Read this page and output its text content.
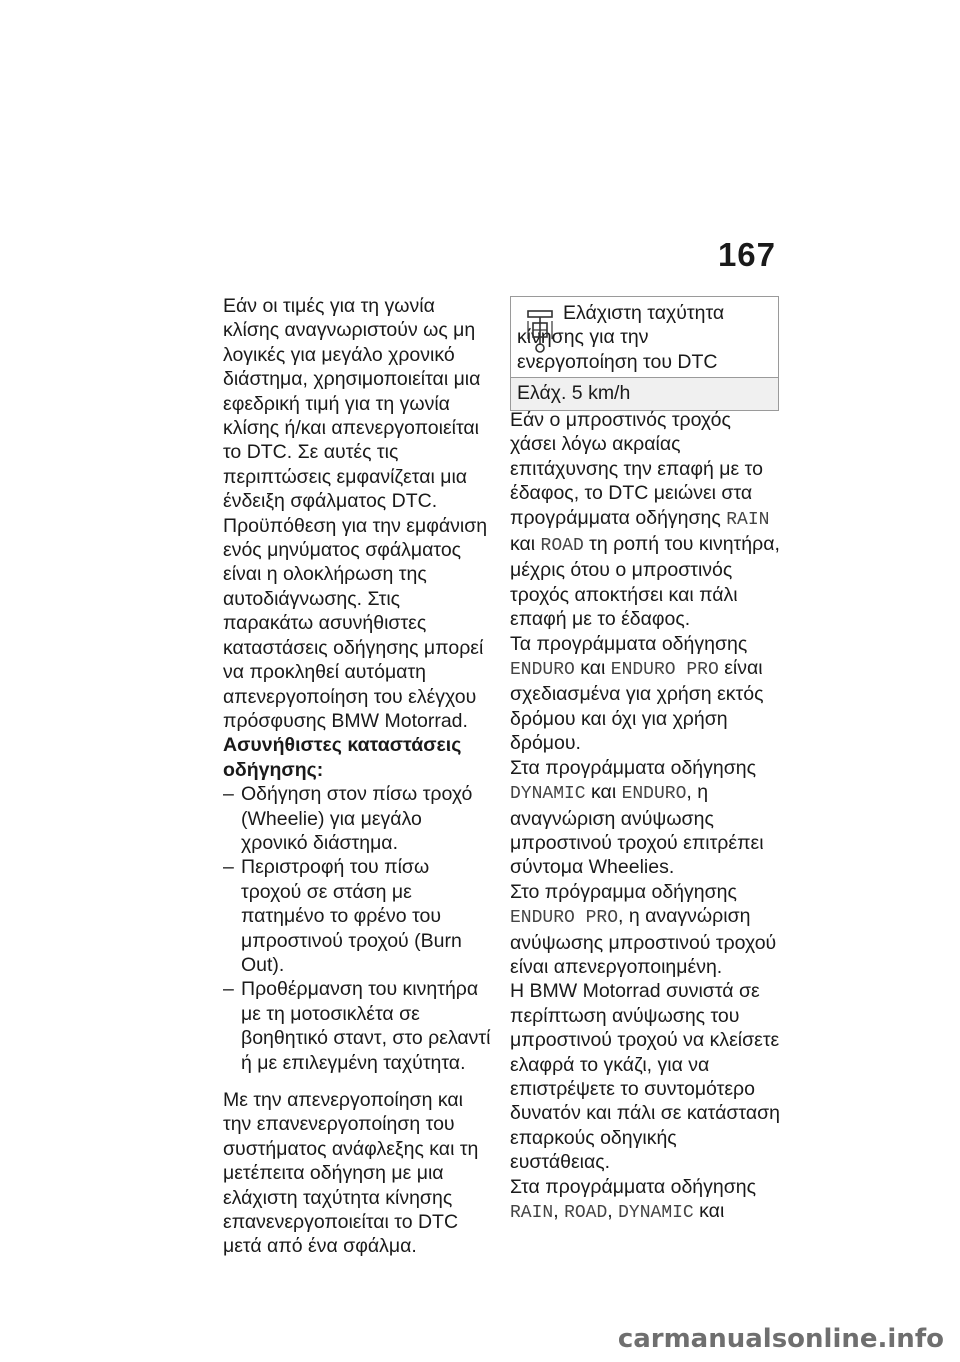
167

Εάν οι τιμές για τη γωνία κλίσης αναγνωριστούν ως μη λογικές για μεγάλο χρονικό διάστημα, χρησιμοποιείται μια εφεδρική τιμή για τη γωνία κλίσης ή/και απενεργοποιείται το DTC. Σε αυτές τις περιπτώσεις εμφανίζεται μια ένδειξη σφάλματος DTC. Προϋπόθεση για την εμφάνιση ενός μηνύματος σφάλματος είναι η ολοκλήρωση της αυτοδιάγνωσης. Στις παρακάτω ασυνήθιστες καταστάσεις οδήγησης μπορεί να προκληθεί αυτόματη απενεργοποίηση του ελέγχου πρόσφυσης BMW Motorrad.

Ασυνήθιστες καταστάσεις οδήγησης:

– Οδήγηση στον πίσω τροχό (Wheelie) για μεγάλο χρονικό διάστημα.
– Περιστροφή του πίσω τροχού σε στάση με πατημένο το φρένο του μπροστινού τροχού (Burn Out).
– Προθέρμανση του κινητήρα με τη μοτοσικλέτα σε βοηθητικό σταντ, στο ρελαντί ή με επιλεγμένη ταχύτητα.

Με την απενεργοποίηση και την επανενεργοποίηση του συστήματος ανάφλεξης και τη μετέπειτα οδήγηση με μια ελάχιστη ταχύτητα κίνησης επανενεργοποιείται το DTC μετά από ένα σφάλμα.

Ελάχιστη ταχύτητα κίνησης για την ενεργοποίηση του DTC
Ελάχ. 5 km/h

Εάν ο μπροστινός τροχός χάσει λόγω ακραίας επιτάχυνσης την επαφή με το έδαφος, το DTC μειώνει στα προγράμματα οδήγησης RAIN και ROAD τη ροπή του κινητήρα, μέχρις ότου ο μπροστινός τροχός αποκτήσει και πάλι επαφή με το έδαφος.

Τα προγράμματα οδήγησης ENDURO και ENDURO PRO είναι σχεδιασμένα για χρήση εκτός δρόμου και όχι για χρήση δρόμου.

Στα προγράμματα οδήγησης DYNAMIC και ENDURO, η αναγνώριση ανύψωσης μπροστινού τροχού επιτρέπει σύντομα Wheelies.

Στο πρόγραμμα οδήγησης ENDURO PRO, η αναγνώριση ανύψωσης μπροστινού τροχού είναι απενεργοποιημένη.

Η BMW Motorrad συνιστά σε περίπτωση ανύψωσης του μπροστινού τροχού να κλείσετε ελαφρά το γκάζι, για να επιστρέψετε το συντομότερο δυνατόν και πάλι σε κατάσταση επαρκούς οδηγικής ευστάθειας.

Στα προγράμματα οδήγησης RAIN, ROAD, DYNAMIC και

carmanualsonline.info
